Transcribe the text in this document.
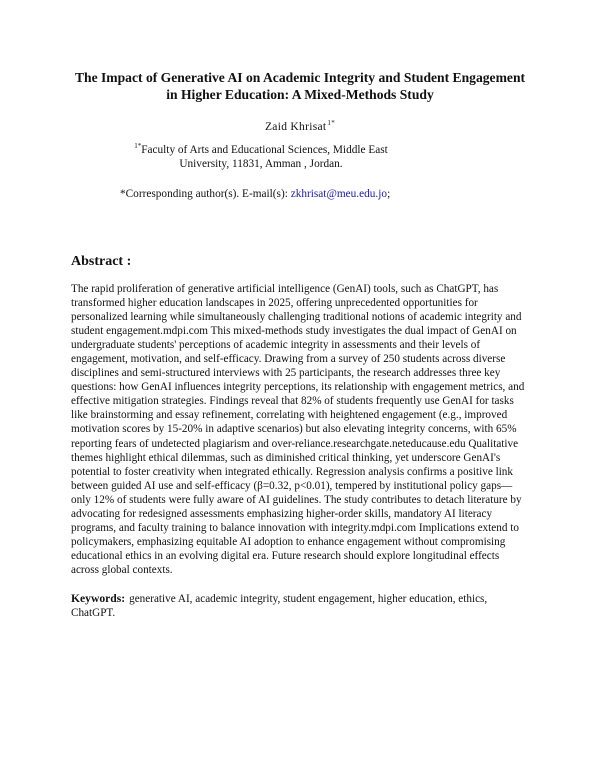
The Impact of Generative AI on Academic Integrity and Student Engagement
in Higher Education: A Mixed-Methods Study
Zaid Khrisat$^{1*}$
$^{1*}$Faculty of Arts and Educational Sciences, Middle East
University, 11831, Amman , Jordan.
*Corresponding author(s). E-mail(s): zkhrisat@meu.edu.jo;
Abstract :

The rapid proliferation of generative artificial intelligence (GenAI) tools, such as ChatGPT, has transformed higher education landscapes in 2025, offering unprecedented opportunities for personalized learning while simultaneously challenging traditional notions of academic integrity and student engagement.mdpi.com This mixed-methods study investigates the dual impact of GenAI on undergraduate students' perceptions of academic integrity in assessments and their levels of engagement, motivation, and self-efficacy. Drawing from a survey of 250 students across diverse disciplines and semi-structured interviews with 25 participants, the research addresses three key questions: how GenAI influences integrity perceptions, its relationship with engagement metrics, and effective mitigation strategies. Findings reveal that 82% of students frequently use GenAI for tasks like brainstorming and essay refinement, correlating with heightened engagement (e.g., improved motivation scores by 15-20% in adaptive scenarios) but also elevating integrity concerns, with 65% reporting fears of undetected plagiarism and over-reliance.researchgate.neteducause.edu Qualitative themes highlight ethical dilemmas, such as diminished critical thinking, yet underscore GenAI's potential to foster creativity when integrated ethically. Regression analysis confirms a positive link between guided AI use and self-efficacy (β=0.32, p<0.01), tempered by institutional policy gaps—only 12% of students were fully aware of AI guidelines. The study contributes to detach literature by advocating for redesigned assessments emphasizing higher-order skills, mandatory AI literacy programs, and faculty training to balance innovation with integrity.mdpi.com Implications extend to policymakers, emphasizing equitable AI adoption to enhance engagement without compromising educational ethics in an evolving digital era. Future research should explore longitudinal effects across global contexts.

Keywords: generative AI, academic integrity, student engagement, higher education, ethics, ChatGPT.
